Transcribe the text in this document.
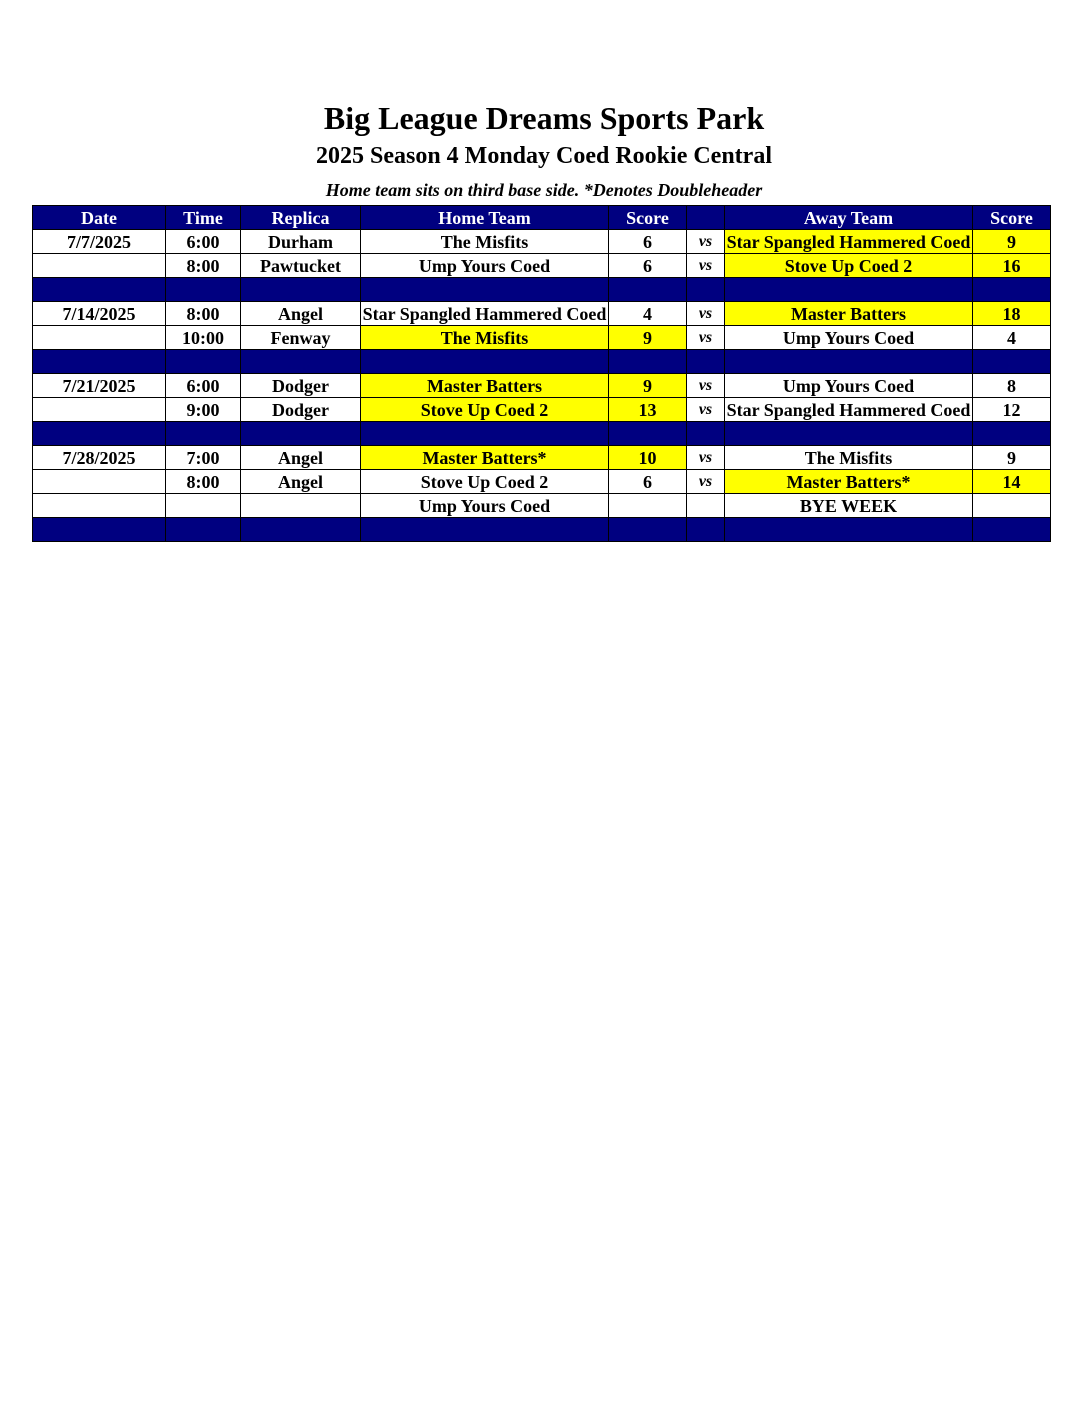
Big League Dreams Sports Park
2025 Season 4 Monday Coed Rookie Central
Home team sits on third base side. *Denotes Doubleheader
Date	Time	Replica	Home Team	Score		Away Team	Score
7/7/2025	6:00	Durham	The Misfits	6	vs	Star Spangled Hammered Coed	9
	8:00	Pawtucket	Ump Yours Coed	6	vs	Stove Up Coed 2	16

7/14/2025	8:00	Angel	Star Spangled Hammered Coed	4	vs	Master Batters	18
	10:00	Fenway	The Misfits	9	vs	Ump Yours Coed	4

7/21/2025	6:00	Dodger	Master Batters	9	vs	Ump Yours Coed	8
	9:00	Dodger	Stove Up Coed 2	13	vs	Star Spangled Hammered Coed	12

7/28/2025	7:00	Angel	Master Batters*	10	vs	The Misfits	9
	8:00	Angel	Stove Up Coed 2	6	vs	Master Batters*	14
			Ump Yours Coed			BYE WEEK	
